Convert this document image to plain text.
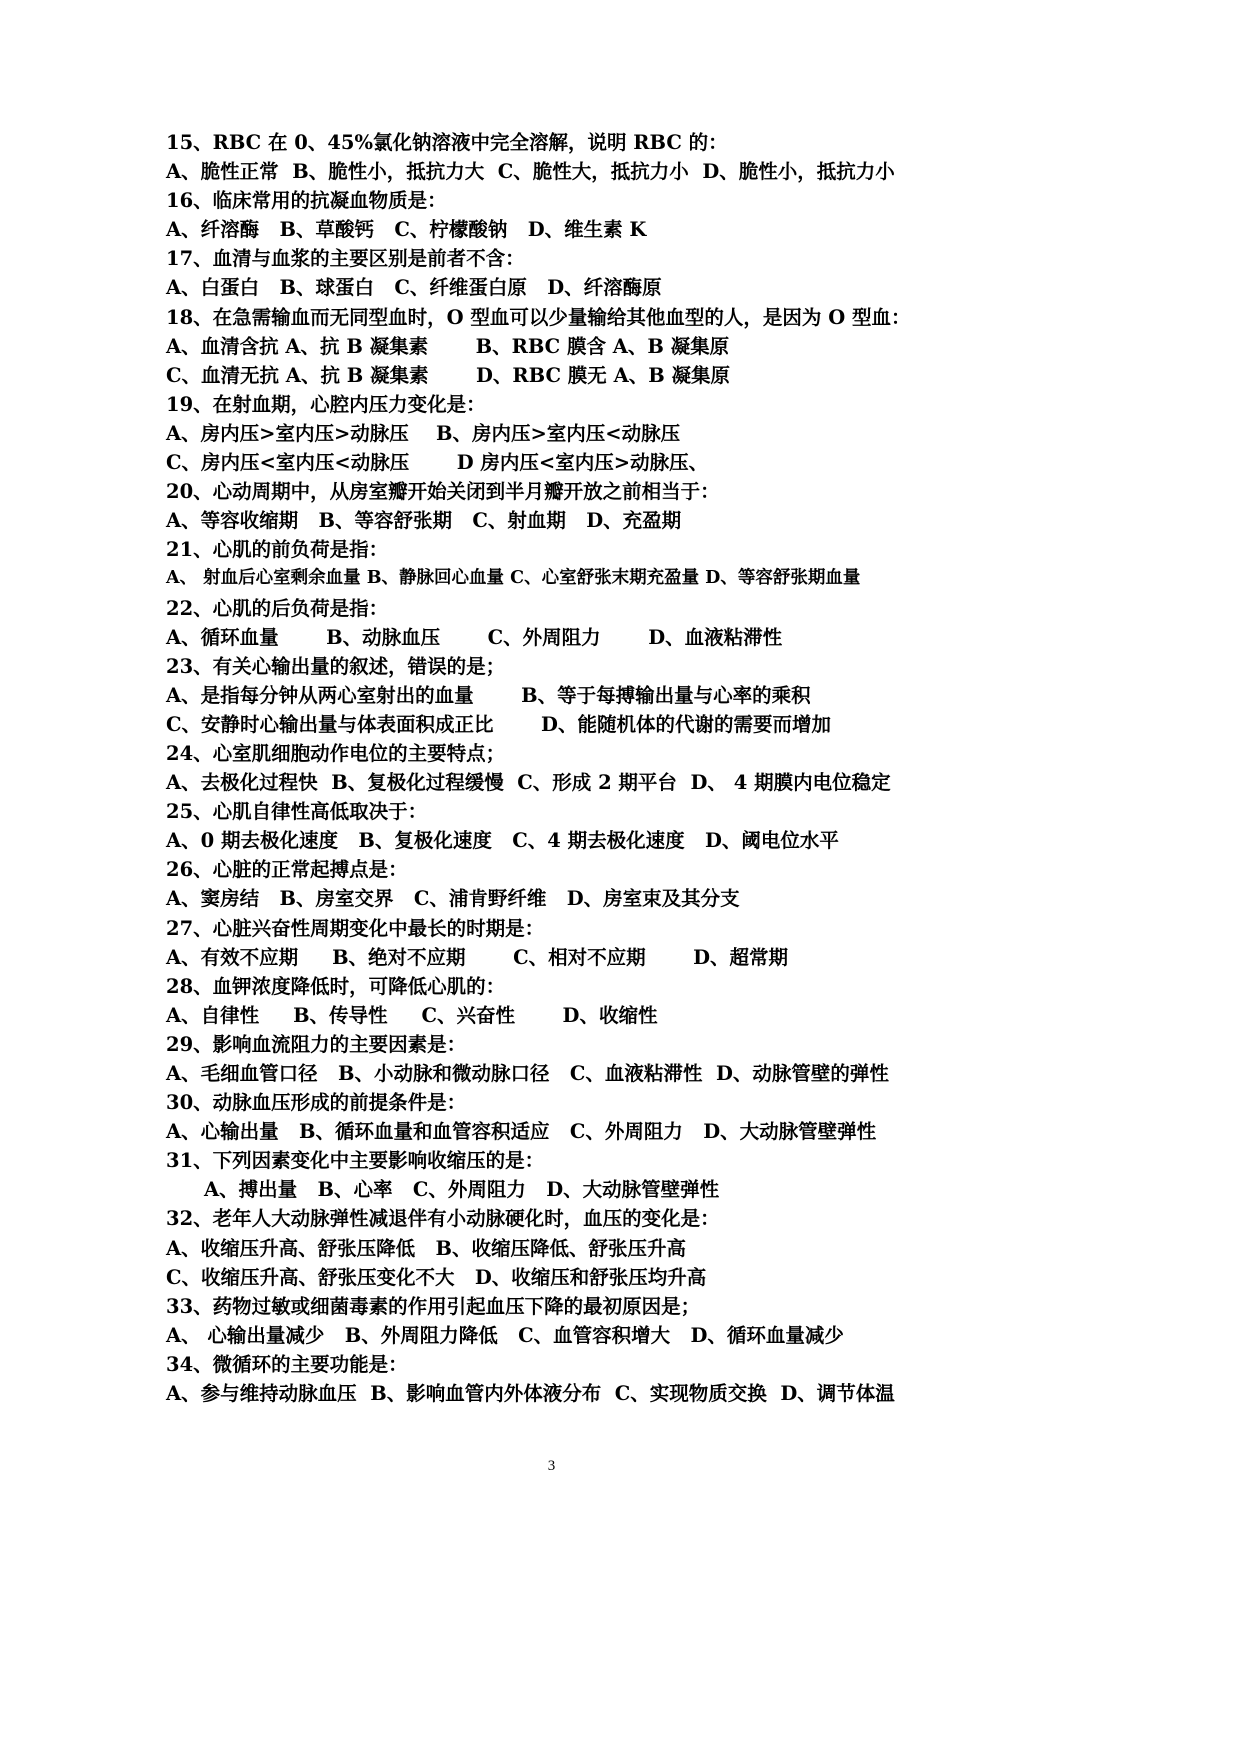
15、RBC 在 0、45%氯化钠溶液中完全溶解，说明 RBC 的：
A、脆性正常  B、脆性小，抵抗力大  C、脆性大，抵抗力小  D、脆性小，抵抗力小
16、临床常用的抗凝血物质是：
A、纤溶酶   B、草酸钙   C、柠檬酸钠   D、维生素 K
17、血清与血浆的主要区别是前者不含：
A、白蛋白   B、球蛋白   C、纤维蛋白原   D、纤溶酶原
18、在急需输血而无同型血时，O 型血可以少量输给其他血型的人，是因为 O 型血：
A、血清含抗 A、抗 B 凝集素       B、RBC 膜含 A、B 凝集原
C、血清无抗 A、抗 B 凝集素       D、RBC 膜无 A、B 凝集原
19、在射血期，心腔内压力变化是：
A、房内压>室内压>动脉压    B、房内压>室内压<动脉压
C、房内压<室内压<动脉压       D 房内压<室内压>动脉压、
20、心动周期中，从房室瓣开始关闭到半月瓣开放之前相当于：
A、等容收缩期   B、等容舒张期   C、射血期   D、充盈期
21、心肌的前负荷是指：
A、 射血后心室剩余血量 B、静脉回心血量 C、心室舒张末期充盈量 D、等容舒张期血量
22、心肌的后负荷是指：
A、循环血量       B、动脉血压       C、外周阻力       D、血液粘滞性
23、有关心输出量的叙述，错误的是；
A、是指每分钟从两心室射出的血量       B、等于每搏输出量与心率的乘积
C、安静时心输出量与体表面积成正比       D、能随机体的代谢的需要而增加
24、心室肌细胞动作电位的主要特点；
A、去极化过程快  B、复极化过程缓慢  C、形成 2 期平台  D、 4 期膜内电位稳定
25、心肌自律性高低取决于：
A、0 期去极化速度   B、复极化速度   C、4 期去极化速度   D、阈电位水平
26、心脏的正常起搏点是：
A、窦房结   B、房室交界   C、浦肯野纤维   D、房室束及其分支
27、心脏兴奋性周期变化中最长的时期是：
A、有效不应期     B、绝对不应期       C、相对不应期       D、超常期
28、血钾浓度降低时，可降低心肌的：
A、自律性     B、传导性     C、兴奋性       D、收缩性
29、影响血流阻力的主要因素是：
A、毛细血管口径   B、小动脉和微动脉口径   C、血液粘滞性  D、动脉管壁的弹性
30、动脉血压形成的前提条件是：
A、心输出量   B、循环血量和血管容积适应   C、外周阻力   D、大动脉管壁弹性
31、下列因素变化中主要影响收缩压的是：
A、搏出量   B、心率   C、外周阻力   D、大动脉管壁弹性
32、老年人大动脉弹性减退伴有小动脉硬化时，血压的变化是：
A、收缩压升高、舒张压降低   B、收缩压降低、舒张压升高
C、收缩压升高、舒张压变化不大   D、收缩压和舒张压均升高
33、药物过敏或细菌毒素的作用引起血压下降的最初原因是；
A、 心输出量减少   B、外周阻力降低   C、血管容积增大   D、循环血量减少
34、微循环的主要功能是：
A、参与维持动脉血压  B、影响血管内外体液分布  C、实现物质交换  D、调节体温
3
